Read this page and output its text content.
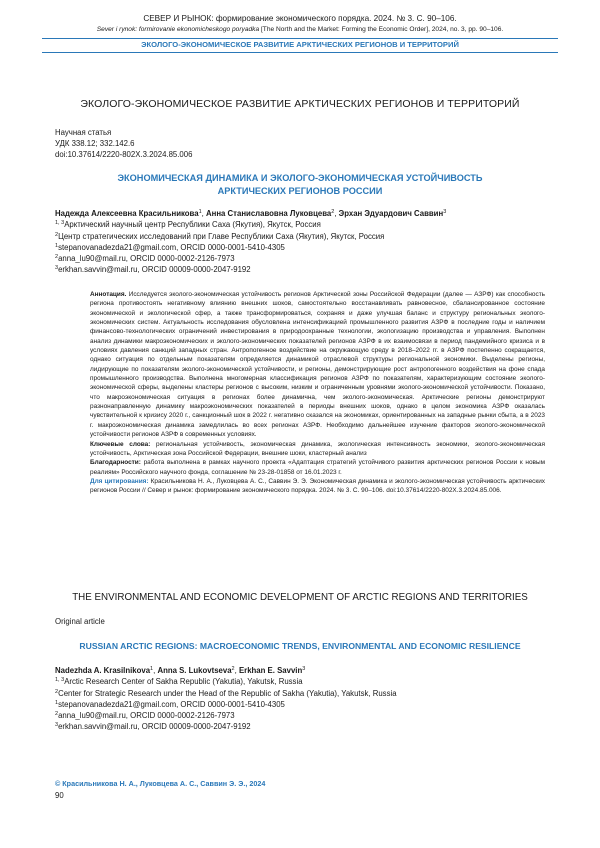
СЕВЕР И РЫНОК: формирование экономического порядка. 2024. № 3. С. 90–106.
Sever i rynok: formirovanie ekonomicheskogo poryadka [The North and the Market: Forming the Economic Order], 2024, no. 3, pp. 90–106.
ЭКОЛОГО-ЭКОНОМИЧЕСКОЕ РАЗВИТИЕ АРКТИЧЕСКИХ РЕГИОНОВ И ТЕРРИТОРИЙ
ЭКОЛОГО-ЭКОНОМИЧЕСКОЕ РАЗВИТИЕ АРКТИЧЕСКИХ РЕГИОНОВ И ТЕРРИТОРИЙ
Научная статья
УДК 338.12; 332.142.6
doi:10.37614/2220-802X.3.2024.85.006
ЭКОНОМИЧЕСКАЯ ДИНАМИКА И ЭКОЛОГО-ЭКОНОМИЧЕСКАЯ УСТОЙЧИВОСТЬ
АРКТИЧЕСКИХ РЕГИОНОВ РОССИИ
Надежда Алексеевна Красильникова$^1$, Анна Станиславовна Луковцева$^2$, Эрхан Эдуардович Саввин$^3$
$^{1, 3}$Арктический научный центр Республики Саха (Якутия), Якутск, Россия
$^2$Центр стратегических исследований при Главе Республики Саха (Якутия), Якутск, Россия
$^1$stepanovanadezda21@gmail.com, ORCID 0000-0001-5410-4305
$^2$anna_lu90@mail.ru, ORCID 0000-0002-2126-7973
$^3$erkhan.savvin@mail.ru, ORCID 00009-0000-2047-9192

Аннотация. Исследуется эколого-экономическая устойчивость регионов Арктической зоны Российской Федерации (далее — АЗРФ) как способность региона противостоять негативному влиянию внешних шоков, самостоятельно восстанавливать равновесное, сбалансированное состояние экономической и экологической сфер, а также трансформироваться, сохраняя и даже улучшая баланс и структуру региональных эколого-экономических систем. Актуальность исследования обусловлена интенсификацией промышленного развития АЗРФ в последние годы и наличием финансово-технологических ограничений инвестирования в природоохранные технологии, экологизацию производства и управления. Выполнен анализ динамики макроэкономических и эколого-экономических показателей регионов АЗРФ в их взаимосвязи в период пандемийного кризиса и в условиях давления санкций западных стран. Антропогенное воздействие на окружающую среду в 2018–2022 гг. в АЗРФ постепенно сокращается, однако ситуация по отдельным показателям определяется динамикой отраслевой структуры региональной экономики. Выделены регионы, лидирующие по показателям эколого-экономической устойчивости, и регионы, демонстрирующие рост антропогенного воздействия на фоне спада промышленного производства. Выполнена многомерная классификация регионов АЗРФ по показателям, характеризующим состояние эколого-экономической сферы, выделены кластеры регионов с высоким, низким и ограниченным уровнями эколого-экономической устойчивости. Показано, что макроэкономическая ситуация в регионах более динамична, чем эколого-экономическая. Арктические регионы демонстрируют разнонаправленную динамику макроэкономических показателей в периоды внешних шоков, однако в целом экономика АЗРФ оказалась чувствительной к кризису 2020 г., санкционный шок в 2022 г. негативно сказался на экономиках, ориентированных на западные рынки сбыта, а в 2023 г. макроэкономическая динамика замедлилась во всех регионах АЗРФ. Необходимо дальнейшее изучение факторов эколого-экономической устойчивости регионов АЗРФ в современных условиях.

Ключевые слова: региональная устойчивость, экономическая динамика, экологическая интенсивность экономики, эколого-экономическая устойчивость, Арктическая зона Российской Федерации, внешние шоки, кластерный анализ

Благодарности: работа выполнена в рамках научного проекта «Адаптация стратегий устойчивого развития арктических регионов России к новым реалиям» Российского научного фонда, соглашение № 23-28-01858 от 16.01.2023 г.

Для цитирования: Красильникова Н. А., Луковцева А. С., Саввин Э. Э. Экономическая динамика и эколого-экономическая устойчивость арктических регионов России // Север и рынок: формирование экономического порядка. 2024. № 3. С. 90–106. doi:10.37614/2220-802X.3.2024.85.006.

THE ENVIRONMENTAL AND ECONOMIC DEVELOPMENT OF ARCTIC REGIONS AND TERRITORIES
Original article
RUSSIAN ARCTIC REGIONS: MACROECONOMIC TRENDS, ENVIRONMENTAL AND ECONOMIC RESILIENCE
Nadezhda A. Krasilnikova$^1$, Anna S. Lukovtseva$^2$, Erkhan E. Savvin$^3$
$^{1, 3}$Arctic Research Center of Sakha Republic (Yakutia), Yakutsk, Russia
$^2$Center for Strategic Research under the Head of the Republic of Sakha (Yakutia), Yakutsk, Russia
$^1$stepanovanadezda21@gmail.com, ORCID 0000-0001-5410-4305
$^2$anna_lu90@mail.ru, ORCID 0000-0002-2126-7973
$^3$erkhan.savvin@mail.ru, ORCID 00009-0000-2047-9192
© Красильникова Н. А., Луковцева А. С., Саввин Э. Э., 2024
90
